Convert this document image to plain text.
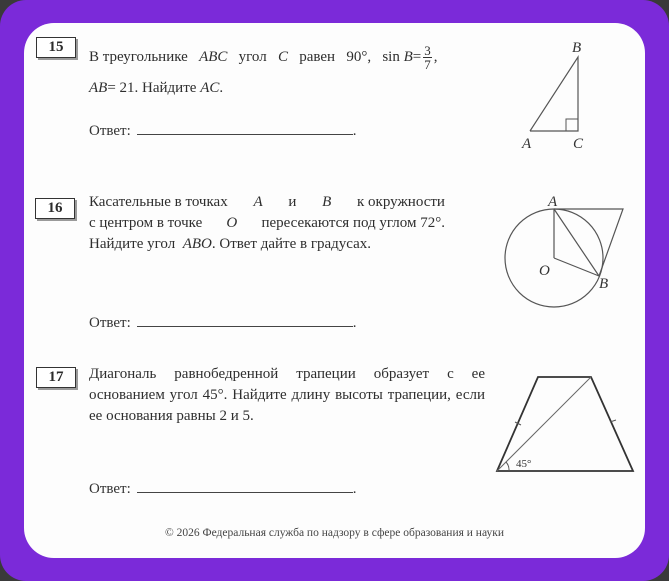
15
В треугольнике ABC угол C равен 90°, $\sin B= \frac{3}{7}$ ,
AB= 21. Найдите AC.
Ответ:	.
B
A	C
16	Касательные в точках A и B к окружности
с центром в точке O пересекаются под углом 72°.
Найдите угол ABO. Ответ дайте в градусах.
Ответ:	.
A
O
B
17	Диагональ равнобедренной трапеции образует с ее основанием угол 45°. Найдите длину высоты трапеции, если ее основания равны 2 и 5.
Ответ:	.
45°
© 2026 Федеральная служба по надзору в сфере образования и науки
